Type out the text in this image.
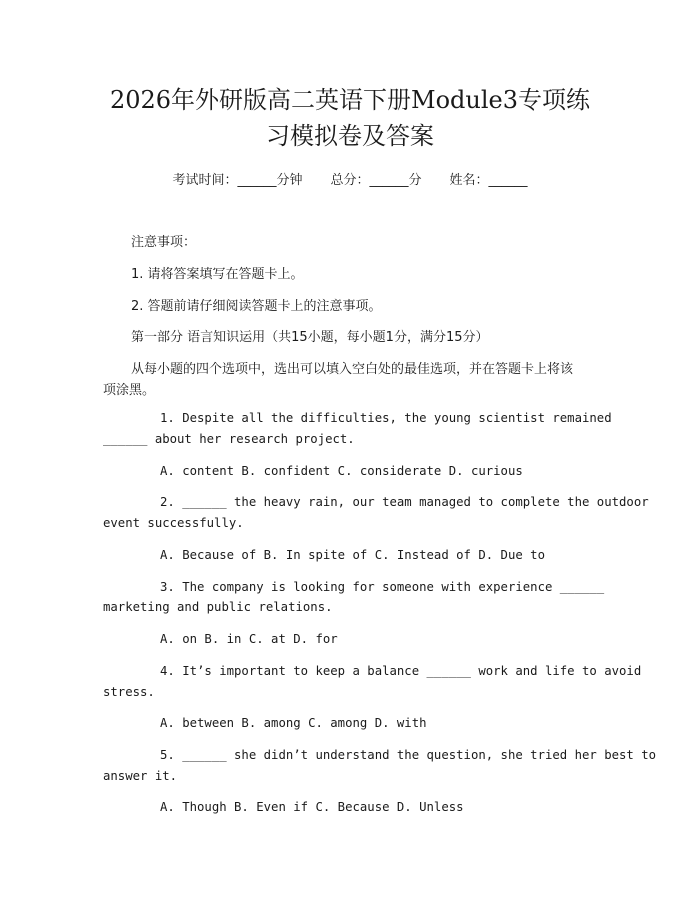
2026年外研版高二英语下册Module3专项练
习模拟卷及答案
考试时间：______分钟 总分：______分 姓名：______
注意事项：
1. 请将答案填写在答题卡上。
2. 答题前请仔细阅读答题卡上的注意事项。
第一部分 语言知识运用（共15小题，每小题1分，满分15分）
从每小题的四个选项中，选出可以填入空白处的最佳选项，并在答题卡上将该
项涂黑。
1. Despite all the difficulties, the young scientist remained
______ about her research project.
A. content B. confident C. considerate D. curious
2. ______ the heavy rain, our team managed to complete the outdoor
event successfully.
A. Because of B. In spite of C. Instead of D. Due to
3. The company is looking for someone with experience ______
marketing and public relations.
A. on B. in C. at D. for
4. It’s important to keep a balance ______ work and life to avoid
stress.
A. between B. among C. among D. with
5. ______ she didn’t understand the question, she tried her best to
answer it.
A. Though B. Even if C. Because D. Unless
